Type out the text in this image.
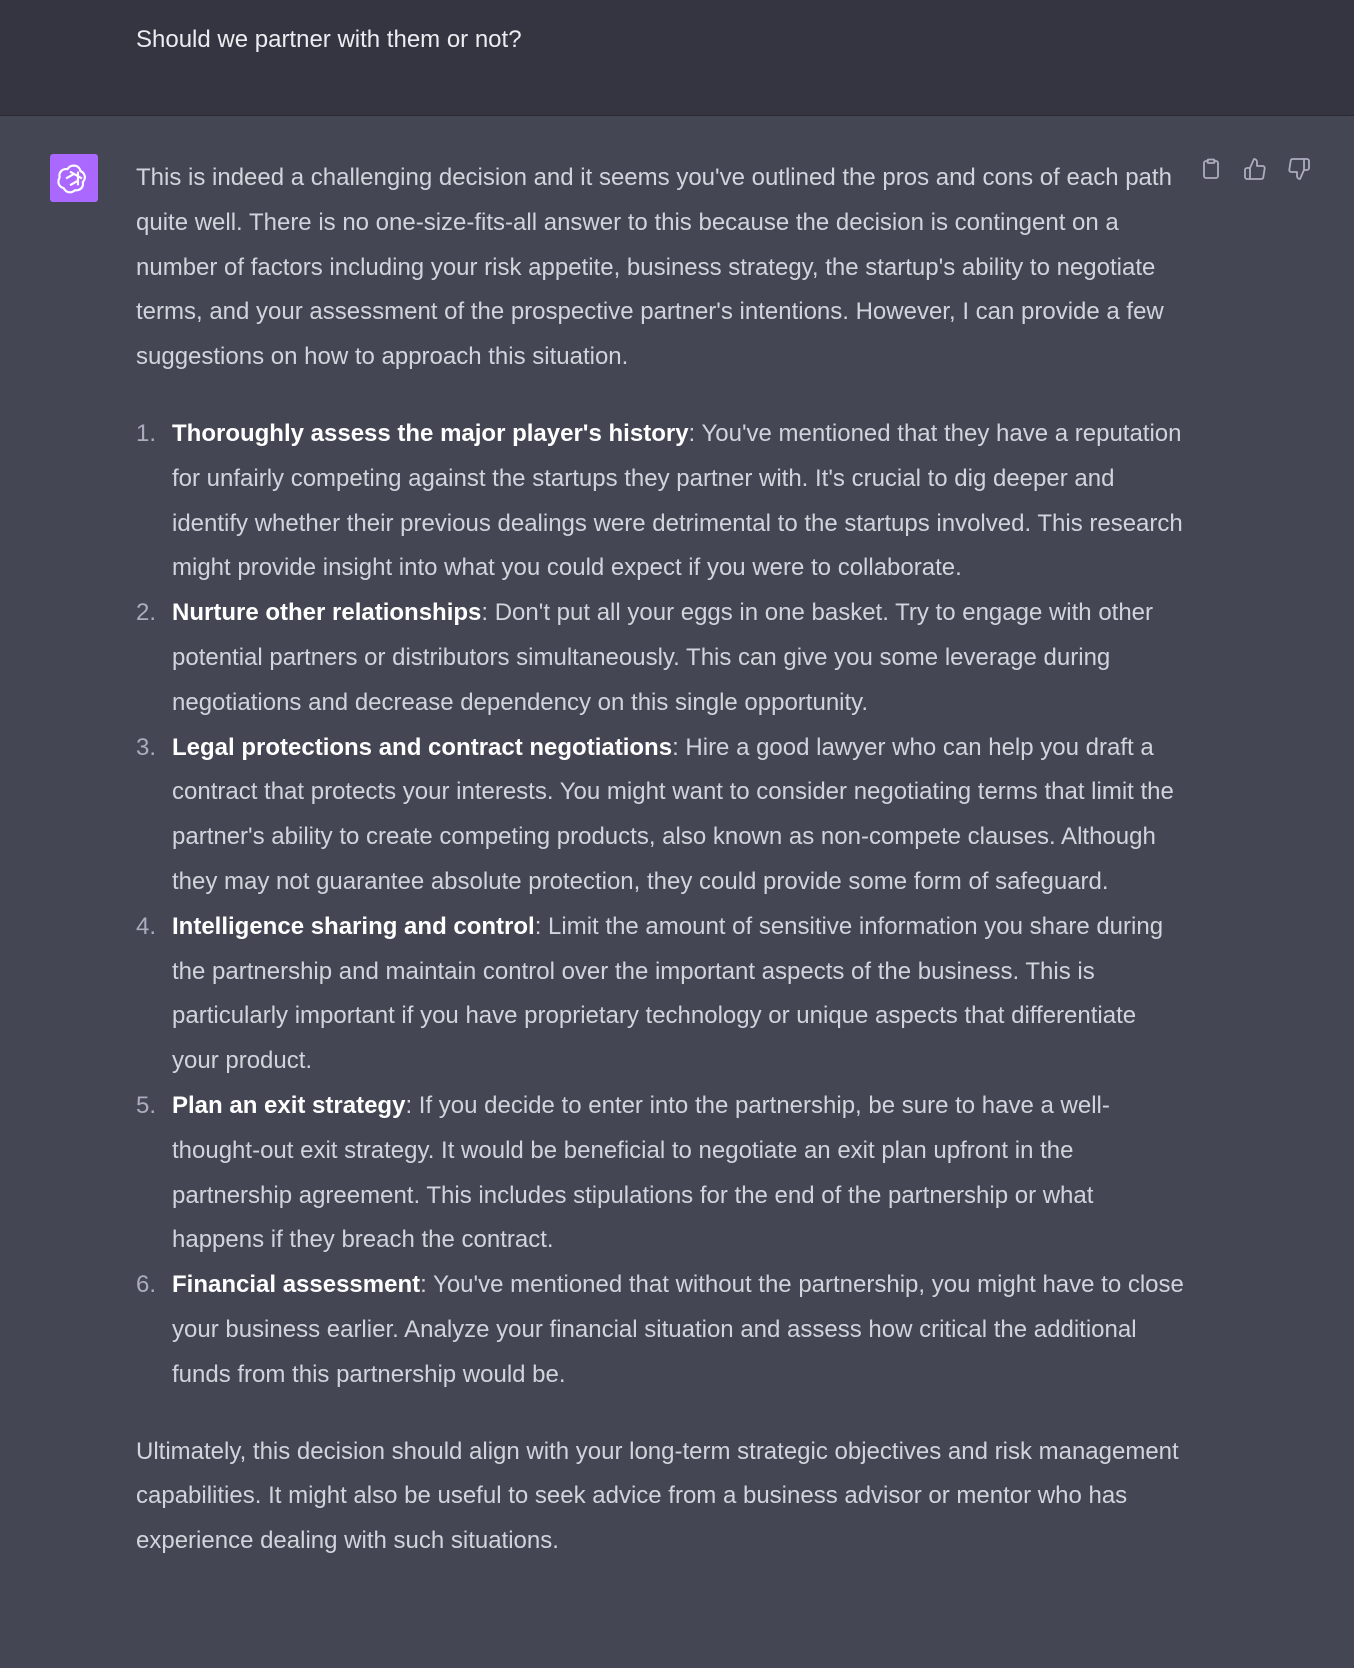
Should we partner with them or not?

This is indeed a challenging decision and it seems you've outlined the pros and cons of each path quite well. There is no one-size-fits-all answer to this because the decision is contingent on a number of factors including your risk appetite, business strategy, the startup's ability to negotiate terms, and your assessment of the prospective partner's intentions. However, I can provide a few suggestions on how to approach this situation.

1. Thoroughly assess the major player's history: You've mentioned that they have a reputation for unfairly competing against the startups they partner with. It's crucial to dig deeper and identify whether their previous dealings were detrimental to the startups involved. This research might provide insight into what you could expect if you were to collaborate.
2. Nurture other relationships: Don't put all your eggs in one basket. Try to engage with other potential partners or distributors simultaneously. This can give you some leverage during negotiations and decrease dependency on this single opportunity.
3. Legal protections and contract negotiations: Hire a good lawyer who can help you draft a contract that protects your interests. You might want to consider negotiating terms that limit the partner's ability to create competing products, also known as non-compete clauses. Although they may not guarantee absolute protection, they could provide some form of safeguard.
4. Intelligence sharing and control: Limit the amount of sensitive information you share during the partnership and maintain control over the important aspects of the business. This is particularly important if you have proprietary technology or unique aspects that differentiate your product.
5. Plan an exit strategy: If you decide to enter into the partnership, be sure to have a well-thought-out exit strategy. It would be beneficial to negotiate an exit plan upfront in the partnership agreement. This includes stipulations for the end of the partnership or what happens if they breach the contract.
6. Financial assessment: You've mentioned that without the partnership, you might have to close your business earlier. Analyze your financial situation and assess how critical the additional funds from this partnership would be.

Ultimately, this decision should align with your long-term strategic objectives and risk management capabilities. It might also be useful to seek advice from a business advisor or mentor who has experience dealing with such situations.
